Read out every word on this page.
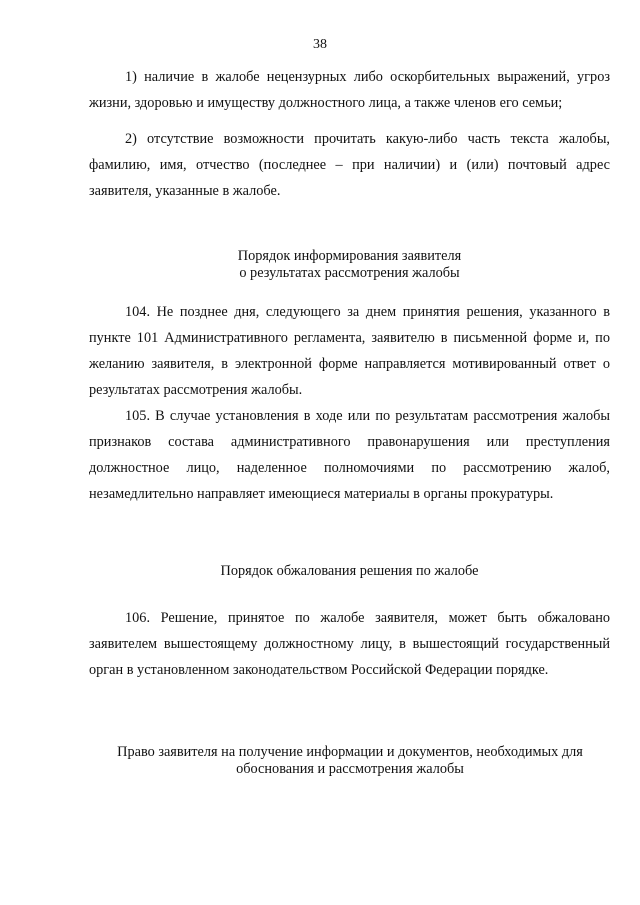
38

1) наличие в жалобе нецензурных либо оскорбительных выражений, угроз жизни, здоровью и имуществу должностного лица, а также членов его семьи;

2) отсутствие возможности прочитать какую-либо часть текста жалобы, фамилию, имя, отчество (последнее – при наличии) и (или) почтовый адрес заявителя, указанные в жалобе.

Порядок информирования заявителя
о результатах рассмотрения жалобы

104. Не позднее дня, следующего за днем принятия решения, указанного в пункте 101 Административного регламента, заявителю в письменной форме и, по желанию заявителя, в электронной форме направляется мотивированный ответ о результатах рассмотрения жалобы.

105. В случае установления в ходе или по результатам рассмотрения жалобы признаков состава административного правонарушения или преступления должностное лицо, наделенное полномочиями по рассмотрению жалоб, незамедлительно направляет имеющиеся материалы в органы прокуратуры.

Порядок обжалования решения по жалобе

106. Решение, принятое по жалобе заявителя, может быть обжаловано заявителем вышестоящему должностному лицу, в вышестоящий государственный орган в установленном законодательством Российской Федерации порядке.

Право заявителя на получение информации и документов, необходимых для
обоснования и рассмотрения жалобы
